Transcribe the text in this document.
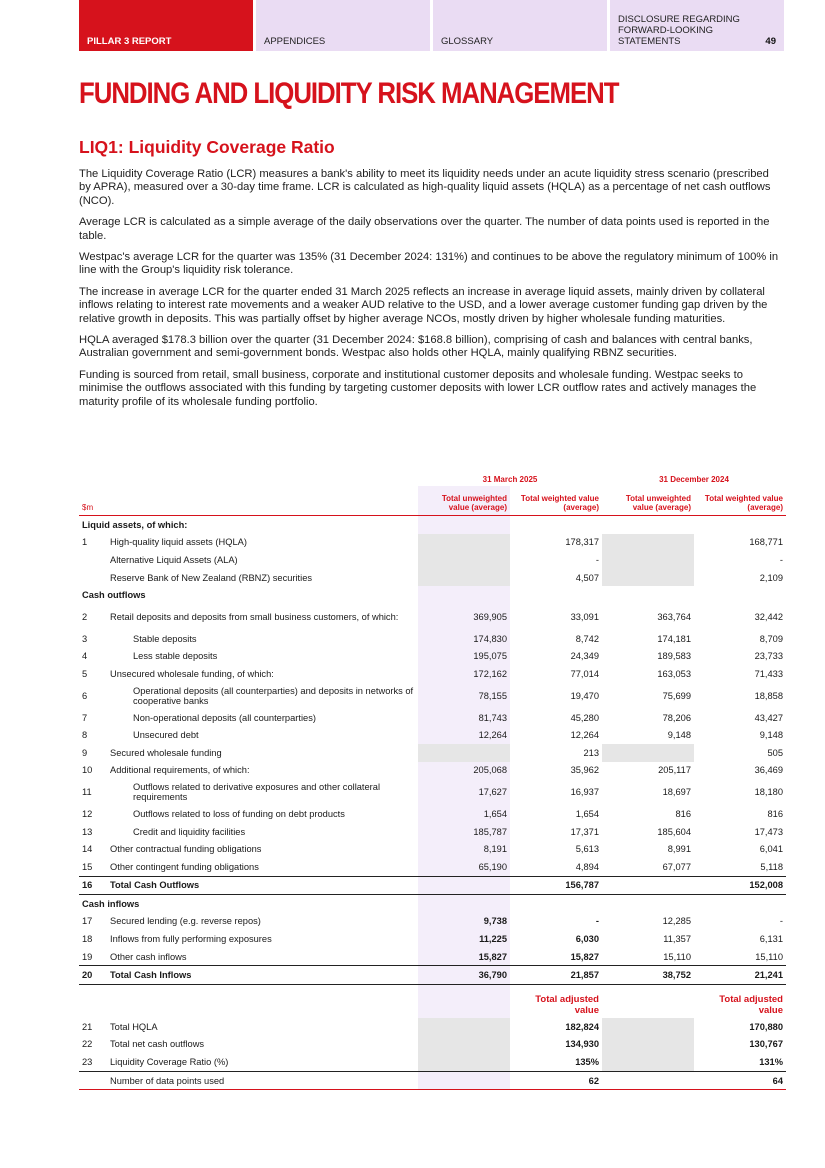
PILLAR 3 REPORT	APPENDICES	GLOSSARY
DISCLOSURE REGARDING FORWARD-LOOKING STATEMENTS	49
FUNDING AND LIQUIDITY RISK MANAGEMENT
LIQ1: Liquidity Coverage Ratio

The Liquidity Coverage Ratio (LCR) measures a bank's ability to meet its liquidity needs under an acute liquidity stress scenario (prescribed by APRA), measured over a 30-day time frame. LCR is calculated as high-quality liquid assets (HQLA) as a percentage of net cash outflows (NCO).

Average LCR is calculated as a simple average of the daily observations over the quarter. The number of data points used is reported in the table.

Westpac's average LCR for the quarter was 135% (31 December 2024: 131%) and continues to be above the regulatory minimum of 100% in line with the Group's liquidity risk tolerance.

The increase in average LCR for the quarter ended 31 March 2025 reflects an increase in average liquid assets, mainly driven by collateral inflows relating to interest rate movements and a weaker AUD relative to the USD, and a lower average customer funding gap driven by the relative growth in deposits. This was partially offset by higher average NCOs, mostly driven by higher wholesale funding maturities.

HQLA averaged $178.3 billion over the quarter (31 December 2024: $168.8 billion), comprising of cash and balances with central banks, Australian government and semi-government bonds. Westpac also holds other HQLA, mainly qualifying RBNZ securities.

Funding is sourced from retail, small business, corporate and institutional customer deposits and wholesale funding. Westpac seeks to minimise the outflows associated with this funding by targeting customer deposits with lower LCR outflow rates and actively manages the maturity profile of its wholesale funding portfolio.

		31 March 2025		31 December 2024	
$m		Total unweighted value (average)	Total weighted value (average)	Total unweighted value (average)	Total weighted value (average)
Liquid assets, of which:					
1	High-quality liquid assets (HQLA)		178,317		168,771
	Alternative Liquid Assets (ALA)		-		-
	Reserve Bank of New Zealand (RBNZ) securities		4,507		2,109
Cash outflows					
2	Retail deposits and deposits from small business customers, of which:	369,905	33,091	363,764	32,442
3	Stable deposits	174,830	8,742	174,181	8,709
4	Less stable deposits	195,075	24,349	189,583	23,733
5	Unsecured wholesale funding, of which:	172,162	77,014	163,053	71,433
6	Operational deposits (all counterparties) and deposits in networks of cooperative banks	78,155	19,470	75,699	18,858
7	Non-operational deposits (all counterparties)	81,743	45,280	78,206	43,427
8	Unsecured debt	12,264	12,264	9,148	9,148
9	Secured wholesale funding		213		505
10	Additional requirements, of which:	205,068	35,962	205,117	36,469
11	Outflows related to derivative exposures and other collateral requirements	17,627	16,937	18,697	18,180
12	Outflows related to loss of funding on debt products	1,654	1,654	816	816
13	Credit and liquidity facilities	185,787	17,371	185,604	17,473
14	Other contractual funding obligations	8,191	5,613	8,991	6,041
15	Other contingent funding obligations	65,190	4,894	67,077	5,118
16	Total Cash Outflows		156,787		152,008
Cash inflows					
17	Secured lending (e.g. reverse repos)	9,738	-	12,285	-
18	Inflows from fully performing exposures	11,225	6,030	11,357	6,131
19	Other cash inflows	15,827	15,827	15,110	15,110
20	Total Cash Inflows	36,790	21,857	38,752	21,241
			Total adjusted value		Total adjusted value
21	Total HQLA		182,824		170,880
22	Total net cash outflows		134,930		130,767
23	Liquidity Coverage Ratio (%)		135%		131%
	Number of data points used		62		64
